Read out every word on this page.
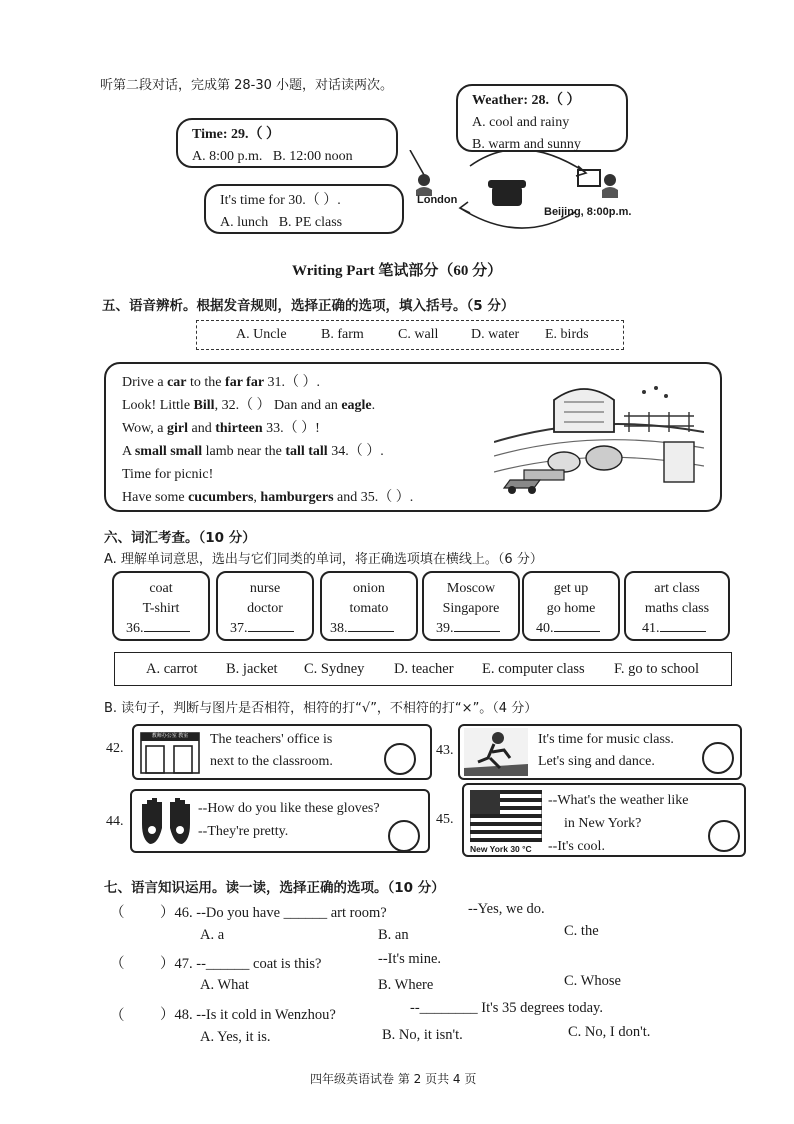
听第二段对话，完成第 28-30 小题，对话读两次。
Time: 29.（ ）
A. 8:00 p.m. B. 12:00 noon
Weather: 28.（ ）
A. cool and rainy
B. warm and sunny
It's time for 30.（ ）.
A. lunch B. PE class
London
Beijing, 8:00p.m.
Writing Part 笔试部分（60 分）
五、语音辨析。根据发音规则，选择正确的选项，填入括号。（5 分）
A. Uncle B. farm C. wall D. water E. birds
Drive a car to the far far 31.（ ）.
Look! Little Bill, 32.（ ） Dan and an eagle.
Wow, a girl and thirteen 33.（ ）!
A small small lamb near the tall tall 34.（ ）.
Time for picnic!
Have some cucumbers, hamburgers and 35.（ ）.
六、词汇考查。（10 分）
A. 理解单词意思，选出与它们同类的单词，将正确选项填在横线上。（6 分）
coat
T-shirt
36.
nurse
doctor
37.
onion
tomato
38.
Moscow
Singapore
39.
get up
go home
40.
art class
maths class
41.
A. carrot B. jacket C. Sydney D. teacher E. computer class F. go to school
B. 读句子，判断与图片是否相符，相符的打“√”，不相符的打“×”。（4 分）
42.
教师办公室 教室	The teachers' office is
next to the classroom.
43.
It's time for music class.
Let's sing and dance.
44.
--How do you like these gloves?
--They're pretty.
45.
New York 30 °C
--What's the weather like
in New York?
--It's cool.
七、语言知识运用。读一读，选择正确的选项。（10 分）
（ ）46. --Do you have ______ art room?	--Yes, we do.
A. a	B. an	C. the
（ ）47. --______ coat is this?	--It's mine.
A. What	B. Where	C. Whose
（ ）48. --Is it cold in Wenzhou?	--________ It's 35 degrees today.
A. Yes, it is.	B. No, it isn't.	C. No, I don't.
四年级英语试卷 第 2 页共 4 页
